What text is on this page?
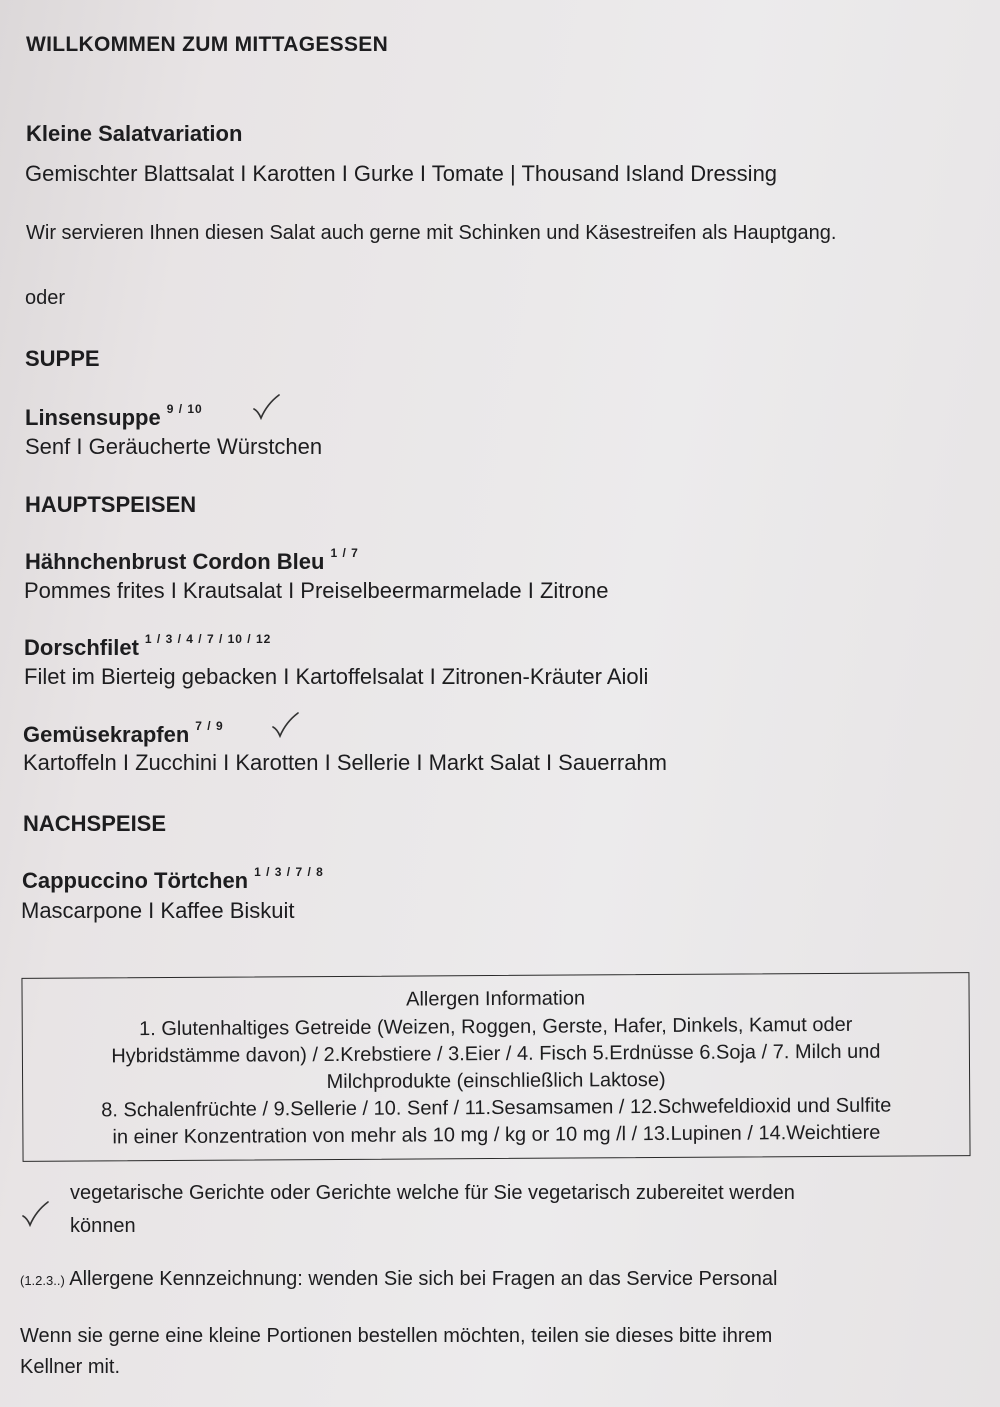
WILLKOMMEN ZUM MITTAGESSEN
Kleine Salatvariation
Gemischter Blattsalat I Karotten I Gurke I Tomate | Thousand Island Dressing
Wir servieren Ihnen diesen Salat auch gerne mit Schinken und Käsestreifen als Hauptgang.
oder
SUPPE
Linsensuppe $^{9 / 10}$
Senf I Geräucherte Würstchen
HAUPTSPEISEN
Hähnchenbrust Cordon Bleu $^{1 / 7}$
Pommes frites I Krautsalat I Preiselbeermarmelade I Zitrone
Dorschfilet $^{1 / 3 / 4 / 7 / 10 / 12}$
Filet im Bierteig gebacken I Kartoffelsalat I Zitronen-Kräuter Aioli
Gemüsekrapfen $^{7 / 9}$
Kartoffeln I Zucchini I Karotten I Sellerie I Markt Salat I Sauerrahm
NACHSPEISE
Cappuccino Törtchen $^{1 / 3 / 7 / 8}$
Mascarpone I Kaffee Biskuit
Allergen Information
1. Glutenhaltiges Getreide (Weizen, Roggen, Gerste, Hafer, Dinkels, Kamut oder
Hybridstämme davon) / 2.Krebstiere / 3.Eier / 4. Fisch 5.Erdnüsse 6.Soja / 7. Milch und
Milchprodukte (einschließlich Laktose)
8. Schalenfrüchte / 9.Sellerie / 10. Senf / 11.Sesamsamen / 12.Schwefeldioxid und Sulfite
in einer Konzentration von mehr als 10 mg / kg or 10 mg /l / 13.Lupinen / 14.Weichtiere
vegetarische Gerichte oder Gerichte welche für Sie vegetarisch zubereitet werden
können
(1.2.3..) Allergene Kennzeichnung: wenden Sie sich bei Fragen an das Service Personal
Wenn sie gerne eine kleine Portionen bestellen möchten, teilen sie dieses bitte ihrem
Kellner mit.
